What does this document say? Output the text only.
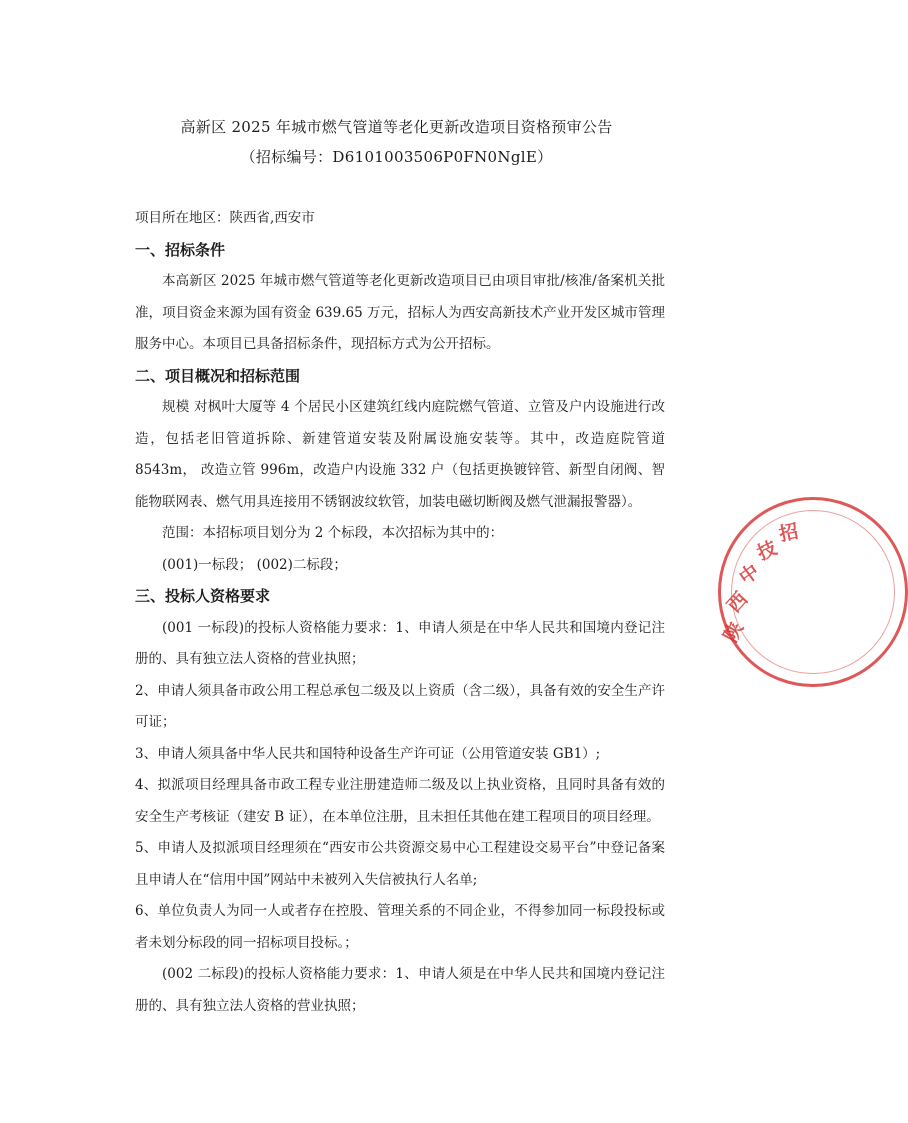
高新区 2025 年城市燃气管道等老化更新改造项目资格预审公告
（招标编号：D6101003506P0FN0NglE）

项目所在地区：陕西省,西安市

一、招标条件

本高新区 2025 年城市燃气管道等老化更新改造项目已由项目审批/核准/备案机关批准，项目资金来源为国有资金 639.65 万元，招标人为西安高新技术产业开发区城市管理服务中心。本项目已具备招标条件，现招标方式为公开招标。

二、项目概况和招标范围

规模 对枫叶大厦等 4 个居民小区建筑红线内庭院燃气管道、立管及户内设施进行改造，包括老旧管道拆除、新建管道安装及附属设施安装等。其中，改造庭院管道 8543m， 改造立管 996m，改造户内设施 332 户（包括更换镀锌管、新型自闭阀、智能物联网表、燃气用具连接用不锈钢波纹软管，加装电磁切断阀及燃气泄漏报警器）。

范围：本招标项目划分为 2 个标段，本次招标为其中的：

(001)一标段； (002)二标段；

三、投标人资格要求

(001 一标段)的投标人资格能力要求：1、申请人须是在中华人民共和国境内登记注册的、具有独立法人资格的营业执照；

2、申请人须具备市政公用工程总承包二级及以上资质（含二级），具备有效的安全生产许可证；

3、申请人须具备中华人民共和国特种设备生产许可证（公用管道安装 GB1）;

4、拟派项目经理具备市政工程专业注册建造师二级及以上执业资格，且同时具备有效的安全生产考核证（建安 B 证），在本单位注册，且未担任其他在建工程项目的项目经理。

5、申请人及拟派项目经理须在“西安市公共资源交易中心工程建设交易平台”中登记备案且申请人在“信用中国”网站中未被列入失信被执行人名单;

6、单位负责人为同一人或者存在控股、管理关系的不同企业，不得参加同一标段投标或者未划分标段的同一招标项目投标。；

(002 二标段)的投标人资格能力要求：1、申请人须是在中华人民共和国境内登记注册的、具有独立法人资格的营业执照；

陕
西
中
技
招
